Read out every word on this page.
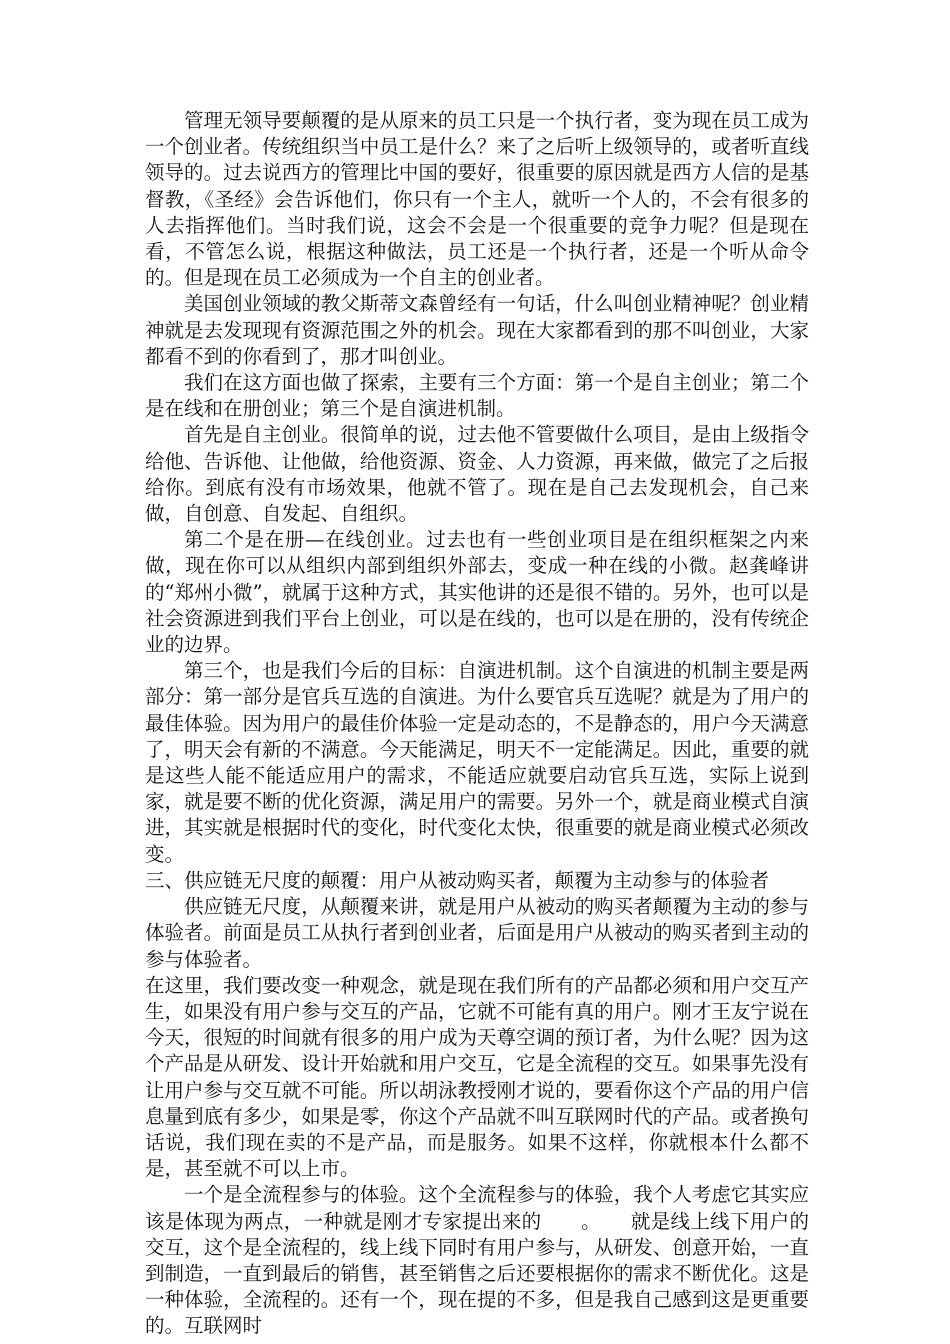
管理无领导要颠覆的是从原来的员工只是一个执行者，变为现在员工成为一个创业者。传统组织当中员工是什么？来了之后听上级领导的，或者听直线领导的。过去说西方的管理比中国的要好，很重要的原因就是西方人信的是基督教，《圣经》会告诉他们，你只有一个主人，就听一个人的，不会有很多的人去指挥他们。当时我们说，这会不会是一个很重要的竞争力呢？但是现在看，不管怎么说，根据这种做法，员工还是一个执行者，还是一个听从命令的。但是现在员工必须成为一个自主的创业者。

美国创业领域的教父斯蒂文森曾经有一句话，什么叫创业精神呢？创业精神就是去发现现有资源范围之外的机会。现在大家都看到的那不叫创业，大家都看不到的你看到了，那才叫创业。

我们在这方面也做了探索，主要有三个方面：第一个是自主创业；第二个是在线和在册创业；第三个是自演进机制。

首先是自主创业。很简单的说，过去他不管要做什么项目，是由上级指令给他、告诉他、让他做，给他资源、资金、人力资源，再来做，做完了之后报给你。到底有没有市场效果，他就不管了。现在是自己去发现机会，自己来做，自创意、自发起、自组织。

第二个是在册—在线创业。过去也有一些创业项目是在组织框架之内来做，现在你可以从组织内部到组织外部去，变成一种在线的小微。赵龚峰讲的“郑州小微”，就属于这种方式，其实他讲的还是很不错的。另外，也可以是社会资源进到我们平台上创业，可以是在线的，也可以是在册的，没有传统企业的边界。

第三个，也是我们今后的目标：自演进机制。这个自演进的机制主要是两部分：第一部分是官兵互选的自演进。为什么要官兵互选呢？就是为了用户的最佳体验。因为用户的最佳价体验一定是动态的，不是静态的，用户今天满意了，明天会有新的不满意。今天能满足，明天不一定能满足。因此，重要的就是这些人能不能适应用户的需求，不能适应就要启动官兵互选，实际上说到家，就是要不断的优化资源，满足用户的需要。另外一个，就是商业模式自演进，其实就是根据时代的变化，时代变化太快，很重要的就是商业模式必须改变。

三、供应链无尺度的颠覆：用户从被动购买者，颠覆为主动参与的体验者

供应链无尺度，从颠覆来讲，就是用户从被动的购买者颠覆为主动的参与体验者。前面是员工从执行者到创业者，后面是用户从被动的购买者到主动的参与体验者。

在这里，我们要改变一种观念，就是现在我们所有的产品都必须和用户交互产生，如果没有用户参与交互的产品，它就不可能有真的用户。刚才王友宁说在今天，很短的时间就有很多的用户成为天尊空调的预订者，为什么呢？因为这个产品是从研发、设计开始就和用户交互，它是全流程的交互。如果事先没有让用户参与交互就不可能。所以胡泳教授刚才说的，要看你这个产品的用户信息量到底有多少，如果是零，你这个产品就不叫互联网时代的产品。或者换句话说，我们现在卖的不是产品，而是服务。如果不这样，你就根本什么都不是，甚至就不可以上市。

一个是全流程参与的体验。这个全流程参与的体验，我个人考虑它其实应该是体现为两点，一种就是刚才专家提出来的　　。　　就是线上线下用户的交互，这个是全流程的，线上线下同时有用户参与，从研发、创意开始，一直到制造，一直到最后的销售，甚至销售之后还要根据你的需求不断优化。这是一种体验，全流程的。还有一个，现在提的不多，但是我自己感到这是更重要的。互联网时
